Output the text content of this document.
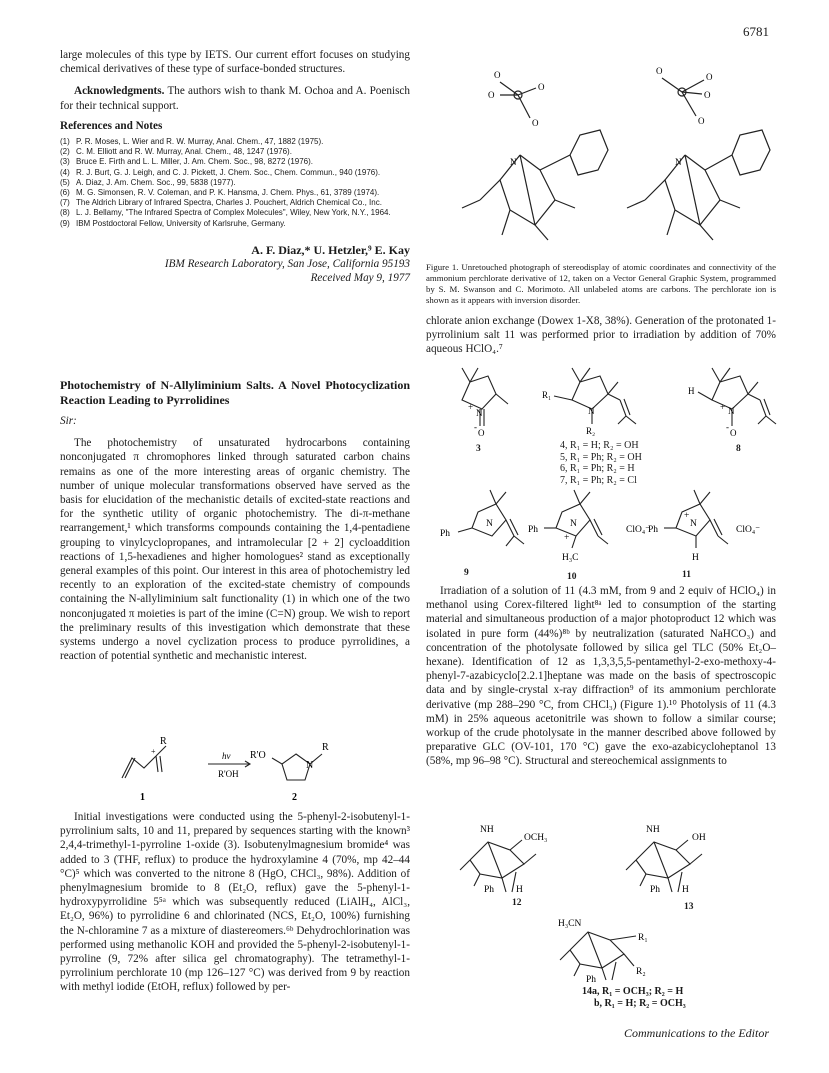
6781

large molecules of this type by IETS. Our current effort focuses on studying chemical derivatives of these type of surface-bonded structures.

Acknowledgments. The authors wish to thank M. Ochoa and A. Poenisch for their technical support.

References and Notes

(1) P. R. Moses, L. Wier and R. W. Murray, Anal. Chem., 47, 1882 (1975).
(2) C. M. Elliott and R. W. Murray, Anal. Chem., 48, 1247 (1976).
(3) Bruce E. Firth and L. L. Miller, J. Am. Chem. Soc., 98, 8272 (1976).
(4) R. J. Burt, G. J. Leigh, and C. J. Pickett, J. Chem. Soc., Chem. Commun., 940 (1976).
(5) A. Diaz, J. Am. Chem. Soc., 99, 5838 (1977).
(6) M. G. Simonsen, R. V. Coleman, and P. K. Hansma, J. Chem. Phys., 61, 3789 (1974).
(7) The Aldrich Library of Infrared Spectra, Charles J. Pouchert, Aldrich Chemical Co., Inc.
(8) L. J. Bellamy, "The Infrared Spectra of Complex Molecules", Wiley, New York, N.Y., 1964.
(9) IBM Postdoctoral Fellow, University of Karlsruhe, Germany.

A. F. Diaz,* U. Hetzler,⁹ E. Kay

IBM Research Laboratory, San Jose, California 95193

Received May 9, 1977

Photochemistry of N-Allyliminium Salts. A Novel Photocyclization Reaction Leading to Pyrrolidines

Sir:

The photochemistry of unsaturated hydrocarbons containing nonconjugated π chromophores linked through saturated carbon chains remains as one of the more interesting areas of organic chemistry. The number of unique molecular transformations observed have served as the basis for elucidation of the mechanistic details of excited-state reactions and for the synthetic utility of organic photochemistry. The di-π-methane rearrangement,¹ which transforms compounds containing the 1,4-pentadiene grouping to vinylcyclopropanes, and intramolecular [2 + 2] cycloaddition reactions of 1,5-hexadienes and higher homologues² stand as exceptionally general examples of this point. Our interest in this area of photochemistry led recently to an exploration of the excited-state chemistry of compounds containing the N-allyliminium salt functionality (1) in which one of the two nonconjugated π moieties is part of the imine (C=N) group. We wish to report the preliminary results of this investigation which demonstrate that these systems undergo a novel cyclization process to produce pyrrolidines, a reaction of potential synthetic and mechanistic interest.

R
+	hν
R'OH
R'O
N
R
1	2

Initial investigations were conducted using the 5-phenyl-2-isobutenyl-1-pyrrolinium salts, 10 and 11, prepared by sequences starting with the known³ 2,4,4-trimethyl-1-pyrroline 1-oxide (3). Isobutenylmagnesium bromide⁴ was added to 3 (THF, reflux) to produce the hydroxylamine 4 (70%, mp 42–44 °C)⁵ which was converted to the nitrone 8 (HgO, CHCl₃, 98%). Addition of phenylmagnesium bromide to 8 (Et₂O, reflux) gave the 5-phenyl-1-hydroxypyrrolidine 5⁵ᵃ which was subsequently reduced (LiAlH₄, AlCl₃, Et₂O, 96%) to pyrrolidine 6 and chlorinated (NCS, Et₂O, 100%) furnishing the N-chloramine 7 as a mixture of diastereomers.⁶ᵇ Dehydrochlorination was performed using methanolic KOH and provided the 5-phenyl-2-isobutenyl-1-pyrroline (9, 72% after silica gel chromatography). The tetramethyl-1-pyrrolinium perchlorate 10 (mp 126–127 °C) was derived from 9 by reaction with methyl iodide (EtOH, reflux) followed by per-

O
O
O
O
O
O
O
O
N	N
Figure 1. Unretouched photograph of stereodisplay of atomic coordinates and connectivity of the ammonium perchlorate derivative of 12, taken on a Vector General Graphic System, programmed by S. M. Swanson and C. Morimoto. All unlabeled atoms are carbons. The perchlorate ion is shown as it appears with inversion disorder.

chlorate anion exchange (Dowex 1-X8, 38%). Generation of the protonated 1-pyrrolinium salt 11 was performed prior to irradiation by addition of 70% aqueous HClO₄.⁷

N
+
O
-
N
R₁
R₂
N
+
O
-
H
3	8
4, R₁ = H; R₂ = OH
5, R₁ = Ph; R₂ = OH
6, R₁ = Ph; R₂ = H
7, R₁ = Ph; R₂ = Cl
Ph
N
Ph
N
+
H₃C
ClO₄⁻
Ph
N
+
H
ClO₄⁻
9	10	11

Irradiation of a solution of 11 (4.3 mM, from 9 and 2 equiv of HClO₄) in methanol using Corex-filtered light⁸ᵃ led to consumption of the starting material and simultaneous production of a major photoproduct 12 which was isolated in pure form (44%)⁸ᵇ by neutralization (saturated NaHCO₃) and concentration of the photolysate followed by silica gel TLC (50% Et₂O–hexane). Identification of 12 as 1,3,3,5,5-pentamethyl-2-exo-methoxy-4-phenyl-7-azabicyclo[2.2.1]heptane was made on the basis of spectroscopic data and by single-crystal x-ray diffraction⁹ of its ammonium perchlorate derivative (mp 288–290 °C, from CHCl₃) (Figure 1).¹⁰ Photolysis of 11 (4.3 mM) in 25% aqueous acetonitrile was shown to follow a similar course; workup of the crude photolysate in the manner described above followed by preparative GLC (OV-101, 170 °C) gave the exo-azabicycloheptanol 13 (58%, mp 96–98 °C). Structural and stereochemical assignments to

NH
OCH₃
Ph H
NH
OH
Ph H
12	13
H₃CN
R₁
R₂
Ph
14a, R₁ = OCH₃; R₂ = H
b, R₁ = H; R₂ = OCH₃
Communications to the Editor
